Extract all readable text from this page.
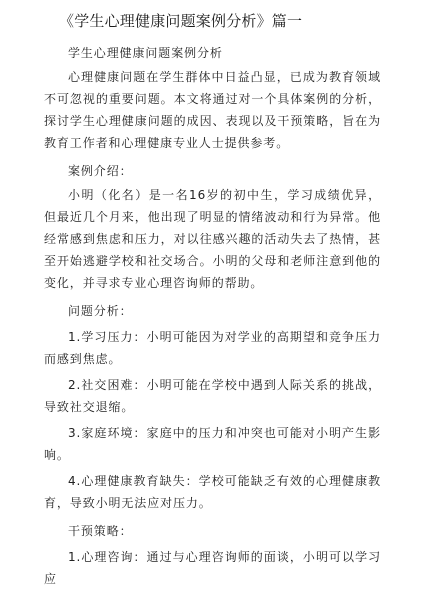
《学生心理健康问题案例分析》篇一

学生心理健康问题案例分析

心理健康问题在学生群体中日益凸显，已成为教育领域不可忽视的重要问题。本文将通过对一个具体案例的分析，探讨学生心理健康问题的成因、表现以及干预策略，旨在为教育工作者和心理健康专业人士提供参考。

案例介绍：

小明（化名）是一名16岁的初中生，学习成绩优异，但最近几个月来，他出现了明显的情绪波动和行为异常。他经常感到焦虑和压力，对以往感兴趣的活动失去了热情，甚至开始逃避学校和社交场合。小明的父母和老师注意到他的变化，并寻求专业心理咨询师的帮助。

问题分析：

1.学习压力：小明可能因为对学业的高期望和竞争压力而感到焦虑。

2.社交困难：小明可能在学校中遇到人际关系的挑战，导致社交退缩。

3.家庭环境：家庭中的压力和冲突也可能对小明产生影响。

4.心理健康教育缺失：学校可能缺乏有效的心理健康教育，导致小明无法应对压力。

干预策略：

1.心理咨询：通过与心理咨询师的面谈，小明可以学习应
